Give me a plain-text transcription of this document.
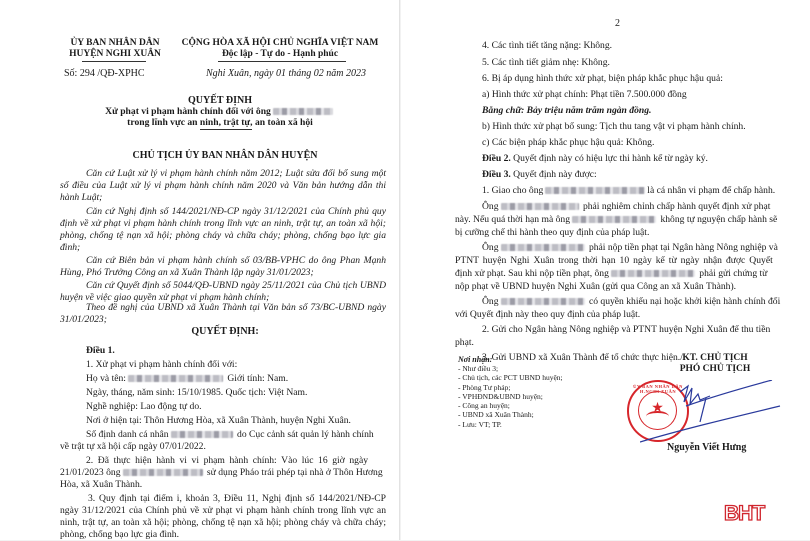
ỦY BAN NHÂN DÂN
HUYỆN NGHI XUÂN
Số: 294 /QĐ-XPHC
CỘNG HÒA XÃ HỘI CHỦ NGHĨA VIỆT NAM
Độc lập - Tự do - Hạnh phúc
Nghi Xuân, ngày 01 tháng 02 năm 2023
QUYẾT ĐỊNH
Xử phạt vi phạm hành chính đối với ông
trong lĩnh vực an ninh, trật tự, an toàn xã hội
CHỦ TỊCH ỦY BAN NHÂN DÂN HUYỆN
Căn cứ Luật xử lý vi phạm hành chính năm 2012; Luật sửa đổi bổ sung một số điều của Luật xử lý vi phạm hành chính năm 2020 và Văn bản hướng dẫn thi hành Luật;
Căn cứ Nghị định số 144/2021/NĐ-CP ngày 31/12/2021 của Chính phủ quy định về xử phạt vi phạm hành chính trong lĩnh vực an ninh, trật tự, an toàn xã hội; phòng, chống tệ nạn xã hội; phòng cháy và chữa cháy; phòng, chống bạo lực gia đình;
Căn cứ Biên bản vi phạm hành chính số 03/BB-VPHC do ông Phan Mạnh Hùng, Phó Trưởng Công an xã Xuân Thành lập ngày 31/01/2023;
Căn cứ Quyết định số 5044/QĐ-UBND ngày 25/11/2021 của Chủ tịch UBND huyện về việc giao quyền xử phạt vi phạm hành chính;
Theo đề nghị của UBND xã Xuân Thành tại Văn bản số 73/BC-UBND ngày 31/01/2023;
QUYẾT ĐỊNH:
Điều 1.
1. Xử phạt vi phạm hành chính đối với:
Họ và tên:	Giới tính: Nam.
Ngày, tháng, năm sinh: 15/10/1985. Quốc tịch: Việt Nam.
Nghề nghiệp: Lao động tự do.
Nơi ở hiện tại: Thôn Hương Hòa, xã Xuân Thành, huyện Nghi Xuân.
Số định danh cá nhân	do Cục cảnh sát quản lý hành chính
về trật tự xã hội cấp ngày 07/01/2022.
2. Đã thực hiện hành vi vi phạm hành chính: Vào lúc 16 giờ ngày
21/01/2023 ông	sử dụng Pháo trái phép tại nhà ở Thôn Hương
Hòa, xã Xuân Thành.
3. Quy định tại điểm i, khoản 3, Điều 11, Nghị định số 144/2021/NĐ-CP ngày 31/12/2021 của Chính phủ về xử phạt vi phạm hành chính trong lĩnh vực an ninh, trật tự, an toàn xã hội; phòng, chống tệ nạn xã hội; phòng cháy và chữa cháy; phòng, chống bạo lực gia đình.
2
4. Các tình tiết tăng nặng: Không.
5. Các tình tiết giảm nhẹ: Không.
6. Bị áp dụng hình thức xử phạt, biện pháp khắc phục hậu quả:
a) Hình thức xử phạt chính: Phạt tiền 7.500.000 đồng
Bằng chữ: Bảy triệu năm trăm ngàn đồng.
b) Hình thức xử phạt bổ sung: Tịch thu tang vật vi phạm hành chính.
c) Các biện pháp khắc phục hậu quả: Không.
Điều 2. Quyết định này có hiệu lực thi hành kể từ ngày ký.
Điều 3. Quyết định này được:
1. Giao cho ông	là cá nhân vi phạm để chấp hành.
Ông	phải nghiêm chỉnh chấp hành quyết định xử phạt
này. Nếu quá thời hạn mà ông	không tự nguyện chấp hành sẽ
bị cưỡng chế thi hành theo quy định của pháp luật.
Ông	phải nộp tiền phạt tại Ngân hàng Nông nghiệp và
PTNT huyện Nghi Xuân trong thời hạn 10 ngày kể từ ngày nhận được Quyết
định xử phạt. Sau khi nộp tiền phạt, ông	phải gửi chứng từ
nộp phạt về UBND huyện Nghi Xuân (gửi qua Công an xã Xuân Thành).
Ông	có quyền khiếu nại hoặc khởi kiện hành chính đối
với Quyết định này theo quy định của pháp luật.
2. Gửi cho Ngân hàng Nông nghiệp và PTNT huyện Nghi Xuân để thu tiền
phạt.
3. Gửi UBND xã Xuân Thành để tổ chức thực hiện./.
Nơi nhận:
- Như điều 3;
- Chủ tịch, các PCT UBND huyện;
- Phòng Tư pháp;
- VPHĐND&UBND huyện;
- Công an huyện;
- UBND xã Xuân Thành;
- Lưu: VT; TP.
KT. CHỦ TỊCH
PHÓ CHỦ TỊCH
ỦY BAN NHÂN DÂN H.NGHI XUÂN
★
Nguyễn Viết Hưng
BHT
